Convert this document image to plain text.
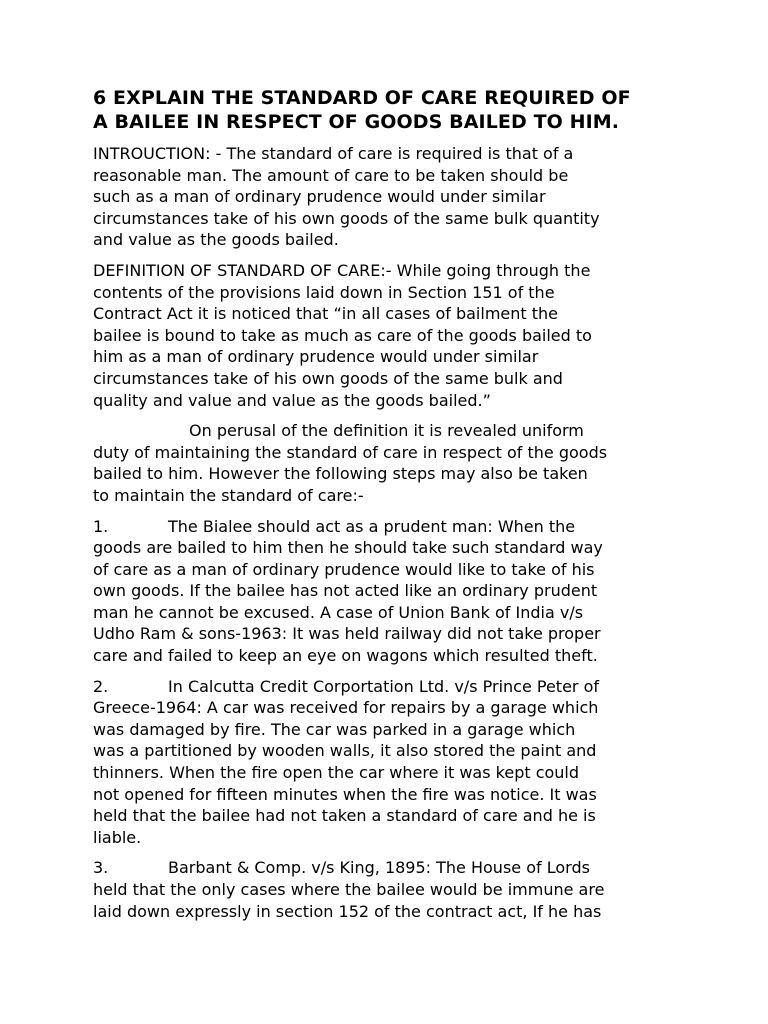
6 EXPLAIN THE STANDARD OF CARE REQUIRED OF
A BAILEE IN RESPECT OF GOODS BAILED TO HIM.

INTROUCTION: - The standard of care is required is that of a
reasonable man. The amount of care to be taken should be
such as a man of ordinary prudence would under similar
circumstances take of his own goods of the same bulk quantity
and value as the goods bailed.

DEFINITION OF STANDARD OF CARE:- While going through the
contents of the provisions laid down in Section 151 of the
Contract Act it is noticed that “in all cases of bailment the
bailee is bound to take as much as care of the goods bailed to
him as a man of ordinary prudence would under similar
circumstances take of his own goods of the same bulk and
quality and value and value as the goods bailed.”

On perusal of the definition it is revealed uniform
duty of maintaining the standard of care in respect of the goods
bailed to him. However the following steps may also be taken
to maintain the standard of care:-

1.	The Bialee should act as a prudent man: When the
goods are bailed to him then he should take such standard way
of care as a man of ordinary prudence would like to take of his
own goods. If the bailee has not acted like an ordinary prudent
man he cannot be excused. A case of Union Bank of India v/s
Udho Ram & sons-1963: It was held railway did not take proper
care and failed to keep an eye on wagons which resulted theft.

2.	In Calcutta Credit Corportation Ltd. v/s Prince Peter of
Greece-1964: A car was received for repairs by a garage which
was damaged by fire. The car was parked in a garage which
was a partitioned by wooden walls, it also stored the paint and
thinners. When the fire open the car where it was kept could
not opened for fifteen minutes when the fire was notice. It was
held that the bailee had not taken a standard of care and he is
liable.

3.	Barbant & Comp. v/s King, 1895: The House of Lords
held that the only cases where the bailee would be immune are
laid down expressly in section 152 of the contract act, If he has
